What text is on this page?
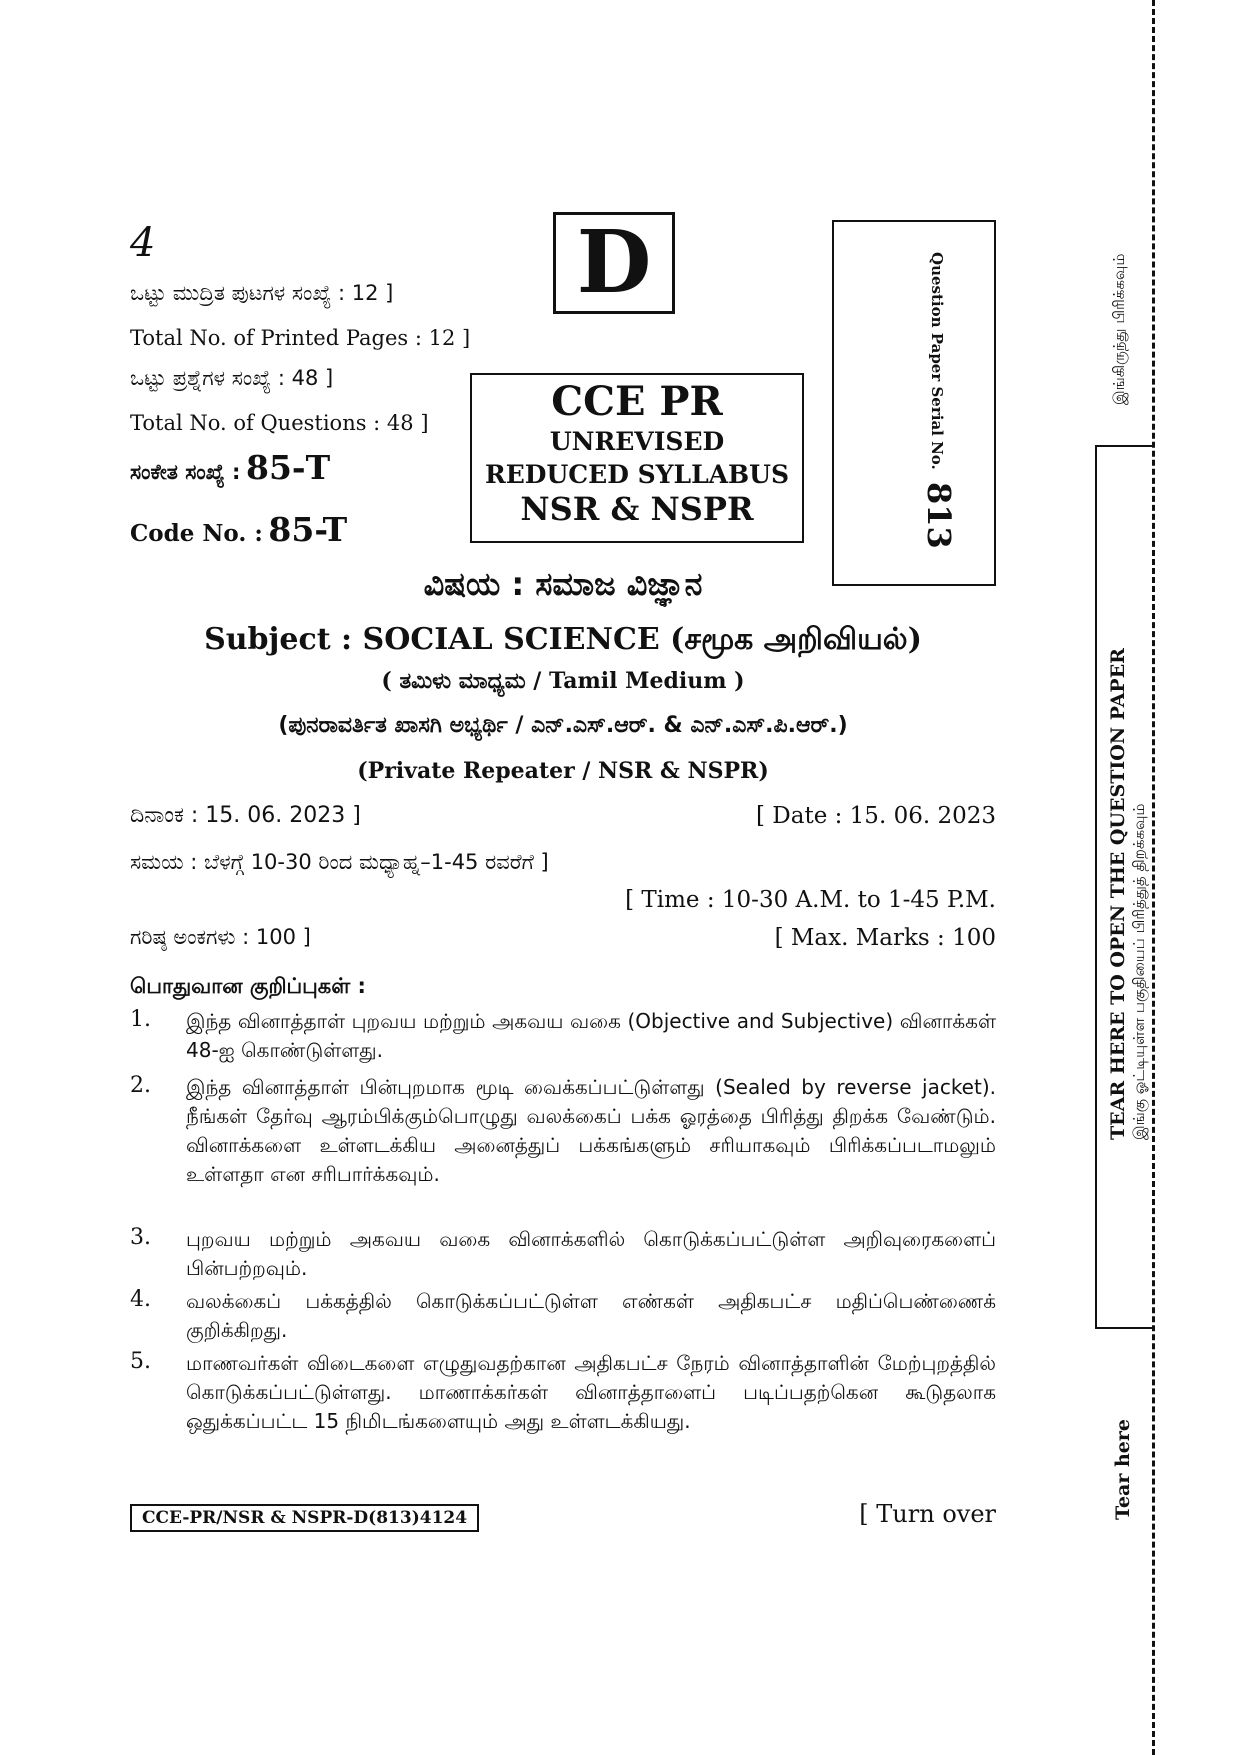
4
ಒಟ್ಟು ಮುದ್ರಿತ ಪುಟಗಳ ಸಂಖ್ಯೆ : 12 ]
Total No. of Printed Pages : 12 ]
ಒಟ್ಟು ಪ್ರಶ್ನೆಗಳ ಸಂಖ್ಯೆ : 48 ]
Total No. of Questions : 48 ]
ಸಂಕೇತ ಸಂಖ್ಯೆ : 85-T
Code No. : 85-T
D
CCE PR
UNREVISED
REDUCED SYLLABUS
NSR & NSPR
Question Paper Serial No.
813
ವಿಷಯ : ಸಮಾಜ ವಿಜ್ಞಾನ
Subject : SOCIAL SCIENCE (சமூக அறிவியல்)
( ತಮಿಳು ಮಾಧ್ಯಮ / Tamil Medium )
(ಪುನರಾವರ್ತಿತ ಖಾಸಗಿ ಅಭ್ಯರ್ಥಿ / ಎನ್.ಎಸ್.ಆರ್. & ಎನ್.ಎಸ್.ಪಿ.ಆರ್.)
(Private Repeater / NSR & NSPR)
ದಿನಾಂಕ : 15. 06. 2023 ]	[ Date : 15. 06. 2023
ಸಮಯ : ಬೆಳಗ್ಗೆ 10-30 ರಿಂದ ಮಧ್ಯಾಹ್ನ–1-45 ರವರೆಗೆ ]
[ Time : 10-30 A.M. to 1-45 P.M.
ಗರಿಷ್ಠ ಅಂಕಗಳು : 100 ]	[ Max. Marks : 100
பொதுவான குறிப்புகள் :
1. இந்த வினாத்தாள் புறவய மற்றும் அகவய வகை (Objective and Subjective) வினாக்கள் 48-ஐ கொண்டுள்ளது.
2. இந்த வினாத்தாள் பின்புறமாக மூடி வைக்கப்பட்டுள்ளது (Sealed by reverse jacket). நீங்கள் தேர்வு ஆரம்பிக்கும்பொழுது வலக்கைப் பக்க ஓரத்தை பிரித்து திறக்க வேண்டும். வினாக்களை உள்ளடக்கிய அனைத்துப் பக்கங்களும் சரியாகவும் பிரிக்கப்படாமலும் உள்ளதா என சரிபார்க்கவும்.
3. புறவய மற்றும் அகவய வகை வினாக்களில் கொடுக்கப்பட்டுள்ள அறிவுரைகளைப் பின்பற்றவும்.
4. வலக்கைப் பக்கத்தில் கொடுக்கப்பட்டுள்ள எண்கள் அதிகபட்ச மதிப்பெண்ணைக் குறிக்கிறது.
5. மாணவர்கள் விடைகளை எழுதுவதற்கான அதிகபட்ச நேரம் வினாத்தாளின் மேற்புறத்தில் கொடுக்கப்பட்டுள்ளது. மாணாக்கர்கள் வினாத்தாளைப் படிப்பதற்கென கூடுதலாக ஒதுக்கப்பட்ட 15 நிமிடங்களையும் அது உள்ளடக்கியது.
CCE-PR/NSR & NSPR-D(813)4124	[ Turn over
இங்கிருந்து பிரிக்கவும்
TEAR HERE TO OPEN THE QUESTION PAPER இங்கு ஓட்டியுள்ள பகுதியைப் பிரித்துத் திறக்கவும்
Tear here
